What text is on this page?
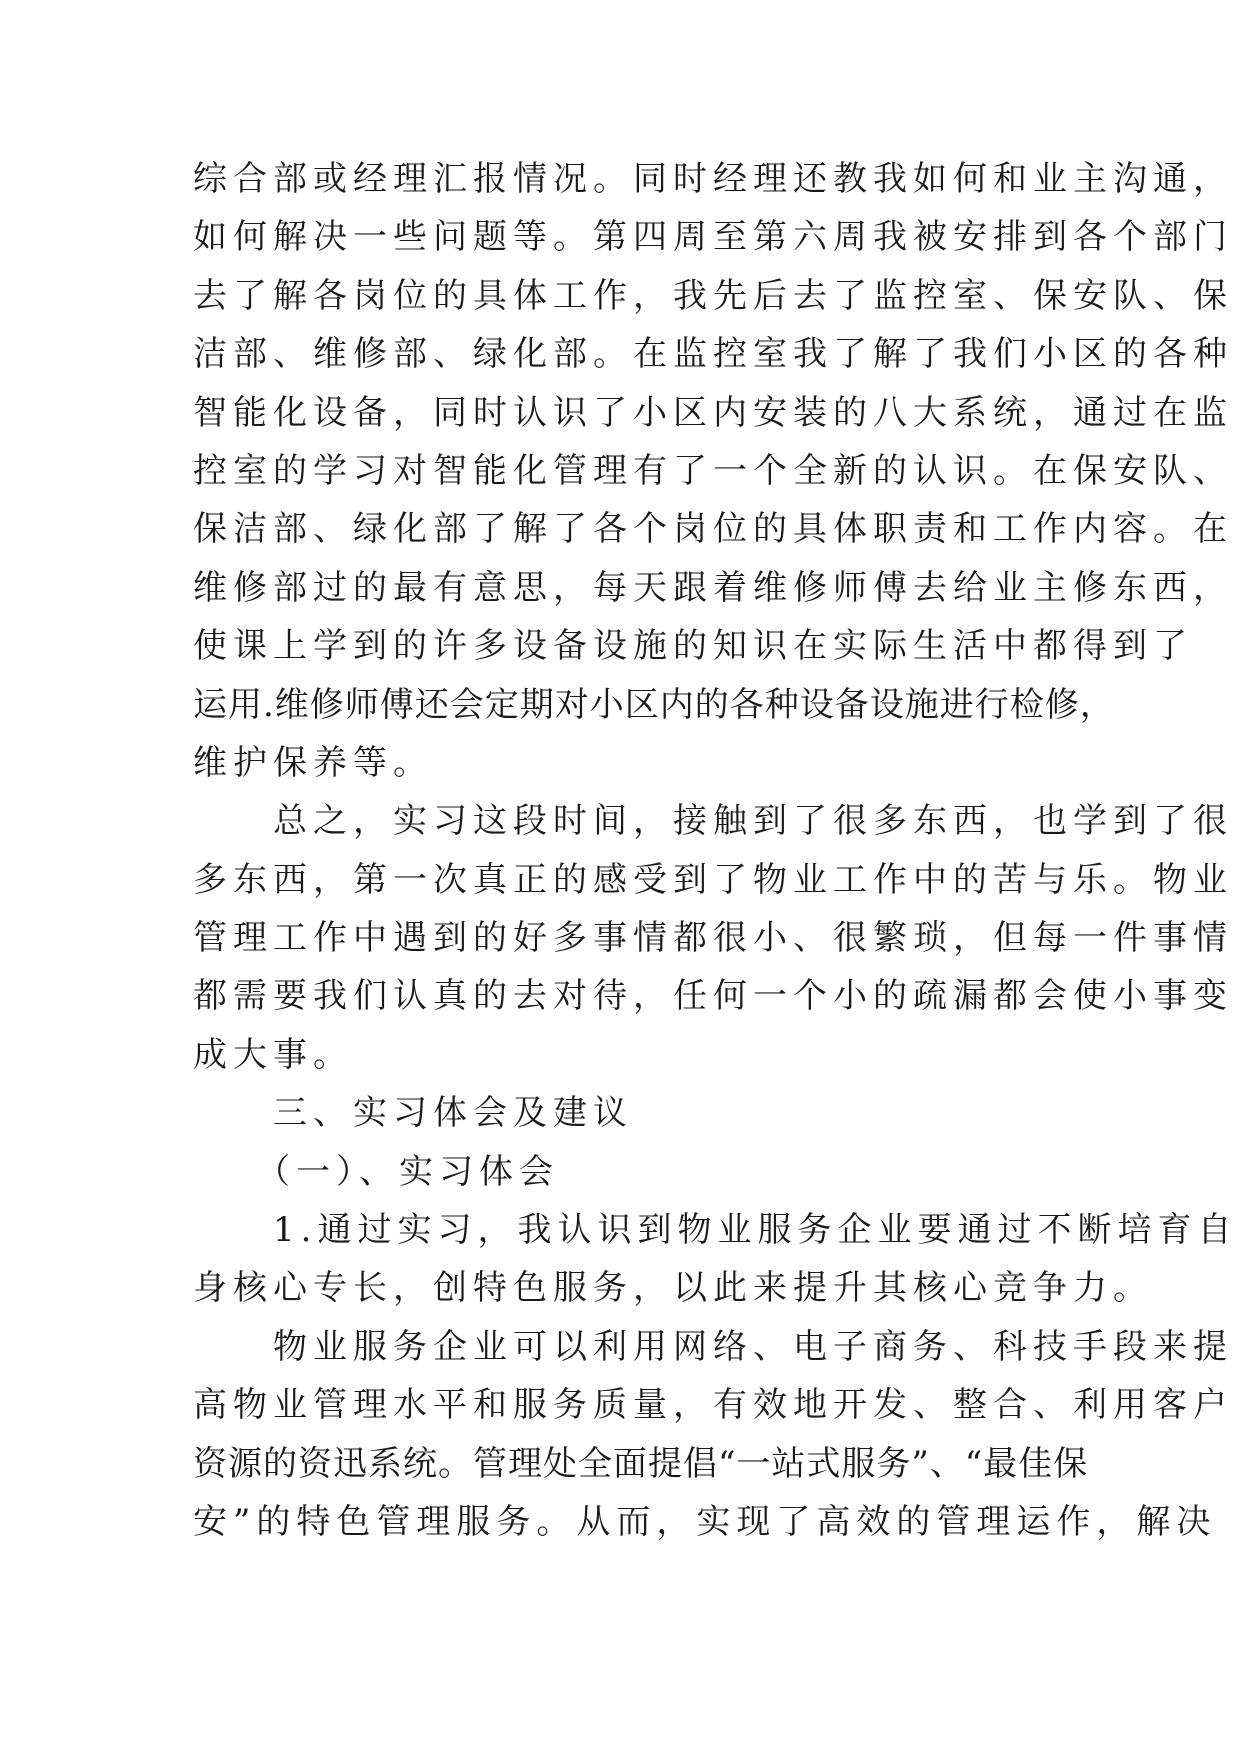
综合部或经理汇报情况。同时经理还教我如何和业主沟通，
如何解决一些问题等。第四周至第六周我被安排到各个部门
去了解各岗位的具体工作，我先后去了监控室、保安队、保
洁部、维修部、绿化部。在监控室我了解了我们小区的各种
智能化设备，同时认识了小区内安装的八大系统，通过在监
控室的学习对智能化管理有了一个全新的认识。在保安队、
保洁部、绿化部了解了各个岗位的具体职责和工作内容。在
维修部过的最有意思，每天跟着维修师傅去给业主修东西，
使课上学到的许多设备设施的知识在实际生活中都得到了
运用.维修师傅还会定期对小区内的各种设备设施进行检修，
维护保养等。
　　总之，实习这段时间，接触到了很多东西，也学到了很
多东西，第一次真正的感受到了物业工作中的苦与乐。物业
管理工作中遇到的好多事情都很小、很繁琐，但每一件事情
都需要我们认真的去对待，任何一个小的疏漏都会使小事变
成大事。
　　三、实习体会及建议
　　（一）、实习体会
　　1.通过实习，我认识到物业服务企业要通过不断培育自
身核心专长，创特色服务，以此来提升其核心竞争力。
　　物业服务企业可以利用网络、电子商务、科技手段来提
高物业管理水平和服务质量，有效地开发、整合、利用客户
资源的资迅系统。管理处全面提倡“一站式服务”、“最佳保
安”的特色管理服务。从而，实现了高效的管理运作，解决
